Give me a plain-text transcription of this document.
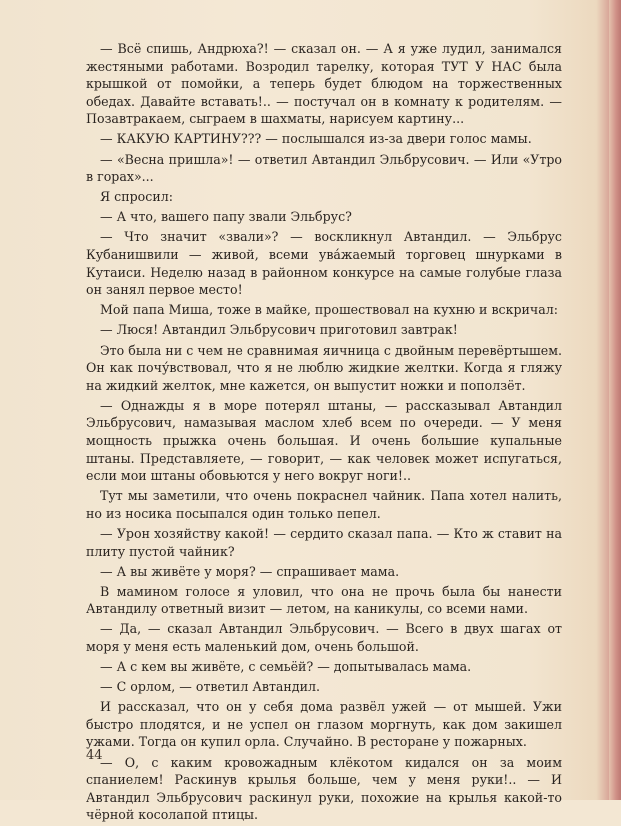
— Всё спишь, Андрюха?! — сказал он. — А я уже лудил, занимался жестяными работами. Возродил тарелку, которая ТУТ У НАС была крышкой от помойки, а теперь будет блюдом на торжественных обедах. Давайте вставать!.. — постучал он в комнату к родителям. — Позавтракаем, сыграем в шахматы, нарисуем картину...

— КАКУЮ КАРТИНУ??? — послышался из-за двери голос мамы.

— «Весна пришла»! — ответил Автандил Эльбрусович. — Или «Утро в горах»...

Я спросил:

— А что, вашего папу звали Эльбрус?

— Что значит «звали»? — воскликнул Автандил. — Эльбрус Кубанишвили — живой, всеми ува́жаемый торговец шнурками в Кутаиси. Неделю назад в районном конкурсе на самые голубые глаза он занял первое место!

Мой папа Миша, тоже в майке, прошествовал на кухню и вскричал:

— Люся! Автандил Эльбрусович приготовил завтрак!

Это была ни с чем не сравнимая яичница с двойным перевёртышем. Он как почу́вствовал, что я не люблю жидкие желтки. Когда я гляжу на жидкий желток, мне кажется, он выпустит ножки и поползёт.

— Однажды я в море потерял штаны, — рассказывал Автандил Эльбрусович, намазывая маслом хлеб всем по очереди. — У меня мощность прыжка очень большая. И очень большие купальные штаны. Представляете, — говорит, — как человек может испугаться, если мои штаны обовьются у него вокруг ноги!..

Тут мы заметили, что очень покраснел чайник. Папа хотел налить, но из носика посыпался один только пепел.

— Урон хозяйству какой! — сердито сказал папа. — Кто ж ставит на плиту пустой чайник?

— А вы живёте у моря? — спрашивает мама.

В мамином голосе я уловил, что она не прочь была бы нанести Автандилу ответный визит — летом, на каникулы, со всеми нами.

— Да, — сказал Автандил Эльбрусович. — Всего в двух шагах от моря у меня есть маленький дом, очень большой.

— А с кем вы живёте, с семьёй? — допытывалась мама.

— С орлом, — ответил Автандил.

И рассказал, что он у себя дома развёл ужей — от мышей. Ужи быстро плодятся, и не успел он глазом моргнуть, как дом закишел ужами. Тогда он купил орла. Случайно. В ресторане у пожарных.

— О, с каким кровожадным клёкотом кидался он за моим спаниелем! Раскинув крылья больше, чем у меня руки!.. — И Автандил Эльбрусович раскинул руки, похожие на крылья какой-то чёрной косолапой птицы.

44
